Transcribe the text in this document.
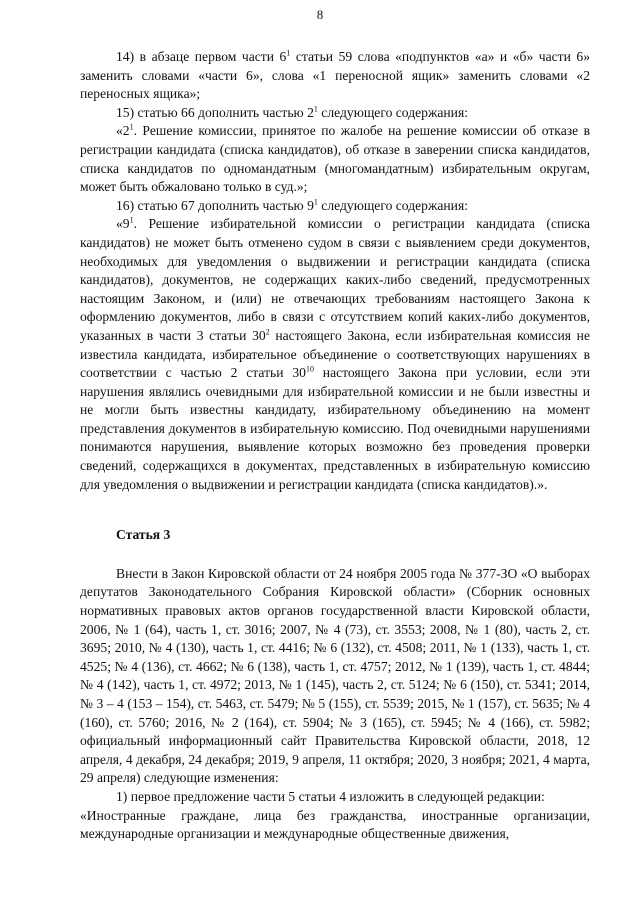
8

14) в абзаце первом части $6^1$ статьи 59 слова «подпунктов «а» и «б» части 6» заменить словами «части 6», слова «1 переносной ящик» заменить словами «2 переносных ящика»;

15) статью 66 дополнить частью $2^1$ следующего содержания:

«$2^1$. Решение комиссии, принятое по жалобе на решение комиссии об отказе в регистрации кандидата (списка кандидатов), об отказе в заверении списка кандидатов, списка кандидатов по одномандатным (многомандатным) избирательным округам, может быть обжаловано только в суд.»;

16) статью 67 дополнить частью $9^1$ следующего содержания:

«$9^1$. Решение избирательной комиссии о регистрации кандидата (списка кандидатов) не может быть отменено судом в связи с выявлением среди документов, необходимых для уведомления о выдвижении и регистрации кандидата (списка кандидатов), документов, не содержащих каких-либо сведений, предусмотренных настоящим Законом, и (или) не отвечающих требованиям настоящего Закона к оформлению документов, либо в связи с отсутствием копий каких-либо документов, указанных в части 3 статьи $30^2$ настоящего Закона, если избирательная комиссия не известила кандидата, избирательное объединение о соответствующих нарушениях в соответствии с частью 2 статьи $30^{10}$ настоящего Закона при условии, если эти нарушения являлись очевидными для избирательной комиссии и не были известны и не могли быть известны кандидату, избирательному объединению на момент представления документов в избирательную комиссию. Под очевидными нарушениями понимаются нарушения, выявление которых возможно без проведения проверки сведений, содержащихся в документах, представленных в избирательную комиссию для уведомления о выдвижении и регистрации кандидата (списка кандидатов).».

Статья 3

Внести в Закон Кировской области от 24 ноября 2005 года № 377-ЗО «О выборах депутатов Законодательного Собрания Кировской области» (Сборник основных нормативных правовых актов органов государственной власти Кировской области, 2006, № 1 (64), часть 1, ст. 3016; 2007, № 4 (73), ст. 3553; 2008, № 1 (80), часть 2, ст. 3695; 2010, № 4 (130), часть 1, ст. 4416; № 6 (132), ст. 4508; 2011, № 1 (133), часть 1, ст. 4525; № 4 (136), ст. 4662; № 6 (138), часть 1, ст. 4757; 2012, № 1 (139), часть 1, ст. 4844; № 4 (142), часть 1, ст. 4972; 2013, № 1 (145), часть 2, ст. 5124; № 6 (150), ст. 5341; 2014, № 3 – 4 (153 – 154), ст. 5463, ст. 5479; № 5 (155), ст. 5539; 2015, № 1 (157), ст. 5635; № 4 (160), ст. 5760; 2016, № 2 (164), ст. 5904; № 3 (165), ст. 5945; № 4 (166), ст. 5982; официальный информационный сайт Правительства Кировской области, 2018, 12 апреля, 4 декабря, 24 декабря; 2019, 9 апреля, 11 октября; 2020, 3 ноября; 2021, 4 марта, 29 апреля) следующие изменения:

1) первое предложение части 5 статьи 4 изложить в следующей редакции:

«Иностранные граждане, лица без гражданства, иностранные организации, международные организации и международные общественные движения,
